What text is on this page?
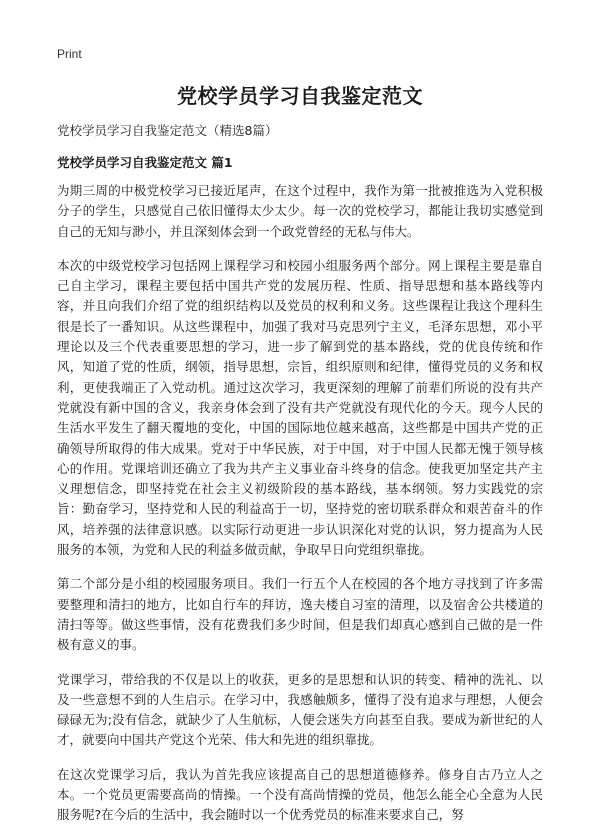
Print
党校学员学习自我鉴定范文
党校学员学习自我鉴定范文（精选8篇）
党校学员学习自我鉴定范文 篇1

为期三周的中极党校学习已接近尾声，在这个过程中，我作为第一批被推选为入党积极分子的学生，只感觉自己依旧懂得太少太少。每一次的党校学习，都能让我切实感觉到自己的无知与渺小，并且深刻体会到一个政党曾经的无私与伟大。

本次的中级党校学习包括网上课程学习和校园小组服务两个部分。网上课程主要是靠自己自主学习，课程主要包括中国共产党的发展历程、性质、指导思想和基本路线等内容，并且向我们介绍了党的组织结构以及党员的权利和义务。这些课程让我这个理科生很是长了一番知识。从这些课程中，加强了我对马克思列宁主义，毛泽东思想，邓小平理论以及三个代表重要思想的学习，进一步了解到党的基本路线，党的优良传统和作风，知道了党的性质，纲领，指导思想，宗旨，组织原则和纪律，懂得党员的义务和权利，更使我端正了入党动机。通过这次学习，我更深刻的理解了前辈们所说的没有共产党就没有新中国的含义，我亲身体会到了没有共产党就没有现代化的今天。现今人民的生活水平发生了翻天覆地的变化，中国的国际地位越来越高，这些都是中国共产党的正确领导所取得的伟大成果。党对于中华民族，对于中国，对于中国人民都无愧于领导核心的作用。党课培训还确立了我为共产主义事业奋斗终身的信念。使我更加坚定共产主义理想信念，即坚持党在社会主义初级阶段的基本路线，基本纲领。努力实践党的宗旨：勤奋学习，坚持党和人民的利益高于一切，坚持党的密切联系群众和艰苦奋斗的作风，培养强的法律意识感。以实际行动更进一步认识深化对党的认识，努力提高为人民服务的本领，为党和人民的利益多做贡献，争取早日向党组织靠拢。

第二个部分是小组的校园服务项目。我们一行五个人在校园的各个地方寻找到了许多需要整理和清扫的地方，比如自行车的拜访，逸夫楼自习室的清理，以及宿舍公共楼道的清扫等等。做这些事情，没有花费我们多少时间，但是我们却真心感到自己做的是一件极有意义的事。

党课学习，带给我的不仅是以上的收获，更多的是思想和认识的转变、精神的洗礼、以及一些意想不到的人生启示。在学习中，我感触颇多，懂得了没有追求与理想，人便会碌碌无为;没有信念，就缺少了人生航标，人便会迷失方向甚至自我。要成为新世纪的人才，就要向中国共产党这个光荣、伟大和先进的组织靠拢。

在这次党课学习后，我认为首先我应该提高自己的思想道德修养。修身自古乃立人之本。一个党员更需要高尚的情操。一个没有高尚情操的党员，他怎么能全心全意为人民服务呢?在今后的生活中，我会随时以一个优秀党员的标准来要求自己，努
